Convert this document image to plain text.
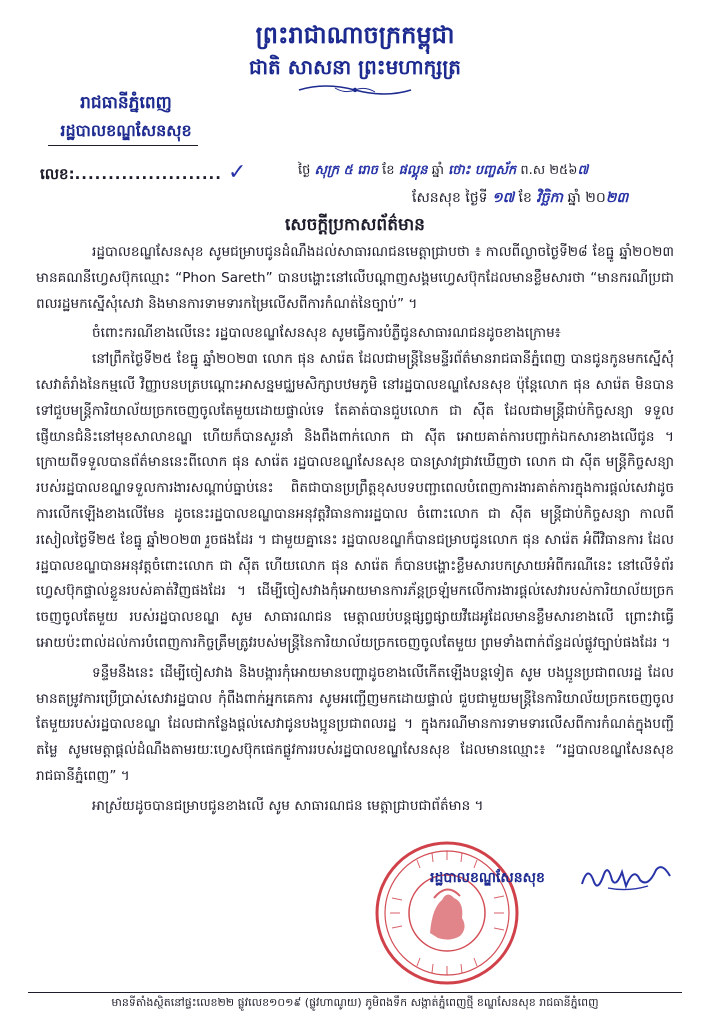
ព្រះរាជាណាចក្រកម្ពុជា
ជាតិ សាសនា ព្រះមហាក្សត្រ
រាជធានីភ្នំពេញ
រដ្ឋបាលខណ្ឌសែនសុខ
លេខ:...................... ✓	ថ្ងៃ សុក្រ ៥ រោច ខែ ផល្គុន ឆ្នាំ ថោះ បញ្ចស័ក ព.ស ២៥៦៧
សែនសុខ ថ្ងៃទី ១៧ ខែ វិច្ឆិកា ឆ្នាំ ២០២៣
សេចក្តីប្រកាសព័ត៌មាន

រដ្ឋបាលខណ្ឌសែនសុខ សូមជម្រាបជូនដំណឹងដល់សាធារណជនមេត្តាជ្រាបថា ៖ កាលពីល្ងាចថ្ងៃទី២៨ ខែធ្នូ ឆ្នាំ២០២៣ មានគណនីហ្វេសប៊ុកឈ្មោះ “Phon Sareth” បានបង្ហោះនៅលើបណ្តាញសង្គមហ្វេសប៊ុកដែលមានខ្លឹមសារថា “មានករណីប្រជាពលរដ្ឋមកស្នើសុំសេវា និងមានការទាមទារកម្រៃលើសពីការកំណត់នៃច្បាប់” ។

ចំពោះករណីខាងលើនេះ រដ្ឋបាលខណ្ឌសែនសុខ សូមធ្វើការបំភ្លឺជូនសាធារណជនដូចខាងក្រោម៖

នៅព្រឹកថ្ងៃទី២៥ ខែធ្នូ ឆ្នាំ២០២៣ លោក ផុន សារ៉េត ដែលជាមន្ត្រីនៃមន្ទីរព័ត៌មានរាជធានីភ្នំពេញ បានជូនកូនមកស្នើសុំសេវាតំរាំងនៃកម្មលើ វិញ្ញាបនបត្របណ្តោះអាសន្នមជ្ឈមសិក្សាបឋមភូមិ នៅរដ្ឋបាលខណ្ឌសែនសុខ ប៉ុន្តែលោក ផុន សារ៉េត មិនបានទៅជួបមន្ត្រីការិយាល័យច្រកចេញចូលតែមួយដោយផ្ទាល់ទេ តែគាត់បានជួបលោក ជា ស៊ីត ដែលជាមន្ត្រីជាប់កិច្ចសន្យា ទទួលផ្ញើយានជំនិះនៅមុខសាលាខណ្ឌ ហើយក៏បានសួរនាំ និងពឹងពាក់លោក ជា ស៊ីត អោយគាត់ការបញ្ជាក់ឯកសារខាងលើជូន ។ ក្រោយពីទទួលបានព័ត៌មាននេះពីលោក ផុន សារ៉េត រដ្ឋបាលខណ្ឌសែនសុខ បានស្រាវជ្រាវឃើញថា លោក ជា ស៊ីត មន្ត្រីកិច្ចសន្យារបស់រដ្ឋបាលខណ្ឌទទួលការងារសណ្តាប់ធ្នាប់នេះ ពិតជាបានប្រព្រឹត្តខុសបទបញ្ជាពេលបំពេញការងារគាត់ការក្នុងការផ្តល់សេវាដូចការលើកឡើងខាងលើមែន ដូចនេះរដ្ឋបាលខណ្ឌបានអនុវត្តវិធានការរដ្ឋបាល ចំពោះលោក ជា ស៊ីត មន្ត្រីជាប់កិច្ចសន្យា កាលពីរសៀលថ្ងៃទី២៥ ខែធ្នូ ឆ្នាំ២០២៣ រួចផងដែរ ។ ជាមួយគ្នានេះ រដ្ឋបាលខណ្ឌក៏បានជម្រាបជូនលោក ផុន សារ៉េត អំពីវិធានការ ដែលរដ្ឋបាលខណ្ឌបានអនុវត្តចំពោះលោក ជា ស៊ីត ហើយលោក ផុន សារ៉េត ក៏បានបង្ហោះខ្លឹមសារបកស្រាយអំពីករណីនេះ នៅលើទំព័រហ្វេសប៊ុកផ្ទាល់ខ្លួនរបស់គាត់វិញផងដែរ ។ ដើម្បីចៀសវាងកុំអោយមានការភ័ន្តច្រឡំមកលើការងារផ្តល់សេវារបស់ការិយាល័យច្រកចេញចូលតែមួយ របស់រដ្ឋបាលខណ្ឌ សូម សាធារណជន មេត្តាឈប់បន្តផ្សព្វផ្សាយវីដេអូដែលមានខ្លឹមសារខាងលើ ព្រោះវាធ្វើអោយប៉ះពាល់ដល់ការបំពេញការកិច្ចត្រឹមត្រូវរបស់មន្ត្រីនៃការិយាល័យច្រកចេញចូលតែមួយ ព្រមទាំងពាក់ព័ន្ធដល់ផ្លូវច្បាប់ផងដែរ ។

ទន្ទឹមនឹងនេះ ដើម្បីចៀសវាង និងបង្ការកុំអោយមានបញ្ហាដូចខាងលើកើតឡើងបន្តទៀត សូម បងប្អូនប្រជាពលរដ្ឋ ដែលមានតម្រូវការប្រើប្រាស់សេវារដ្ឋបាល កុំពឹងពាក់អ្នកគេការ សូមអញ្ជើញមកដោយផ្ទាល់ ជួបជាមួយមន្ត្រីនៃការិយាល័យច្រកចេញចូលតែមួយរបស់រដ្ឋបាលខណ្ឌ ដែលជាកន្លែងផ្តល់សេវាជូនបងប្អូនប្រជាពលរដ្ឋ ។ ក្នុងករណីមានការទាមទារលើសពីការកំណត់ក្នុងបញ្ជីតម្លៃ សូមមេត្តាផ្តល់ដំណឹងតាមរយៈហ្វេសប៊ុកផេកផ្លូវការរបស់រដ្ឋបាលខណ្ឌសែនសុខ ដែលមានឈ្មោះ៖ “រដ្ឋបាលខណ្ឌសែនសុខ រាជធានីភ្នំពេញ” ។

អាស្រ័យដូចបានជម្រាបជូនខាងលើ សូម សាធារណជន មេត្តាជ្រាបជាព័ត៌មាន ។

រដ្ឋបាលខណ្ឌសែនសុខ
មានទីតាំងស្ថិតនៅផ្ទះលេខ២២ ផ្លូវលេខ១០១៩ (ផ្លូវហាណូយ) ភូមិពងទឹក សង្កាត់ភ្នំពេញថ្មី ខណ្ឌសែនសុខ រាជធានីភ្នំពេញ
